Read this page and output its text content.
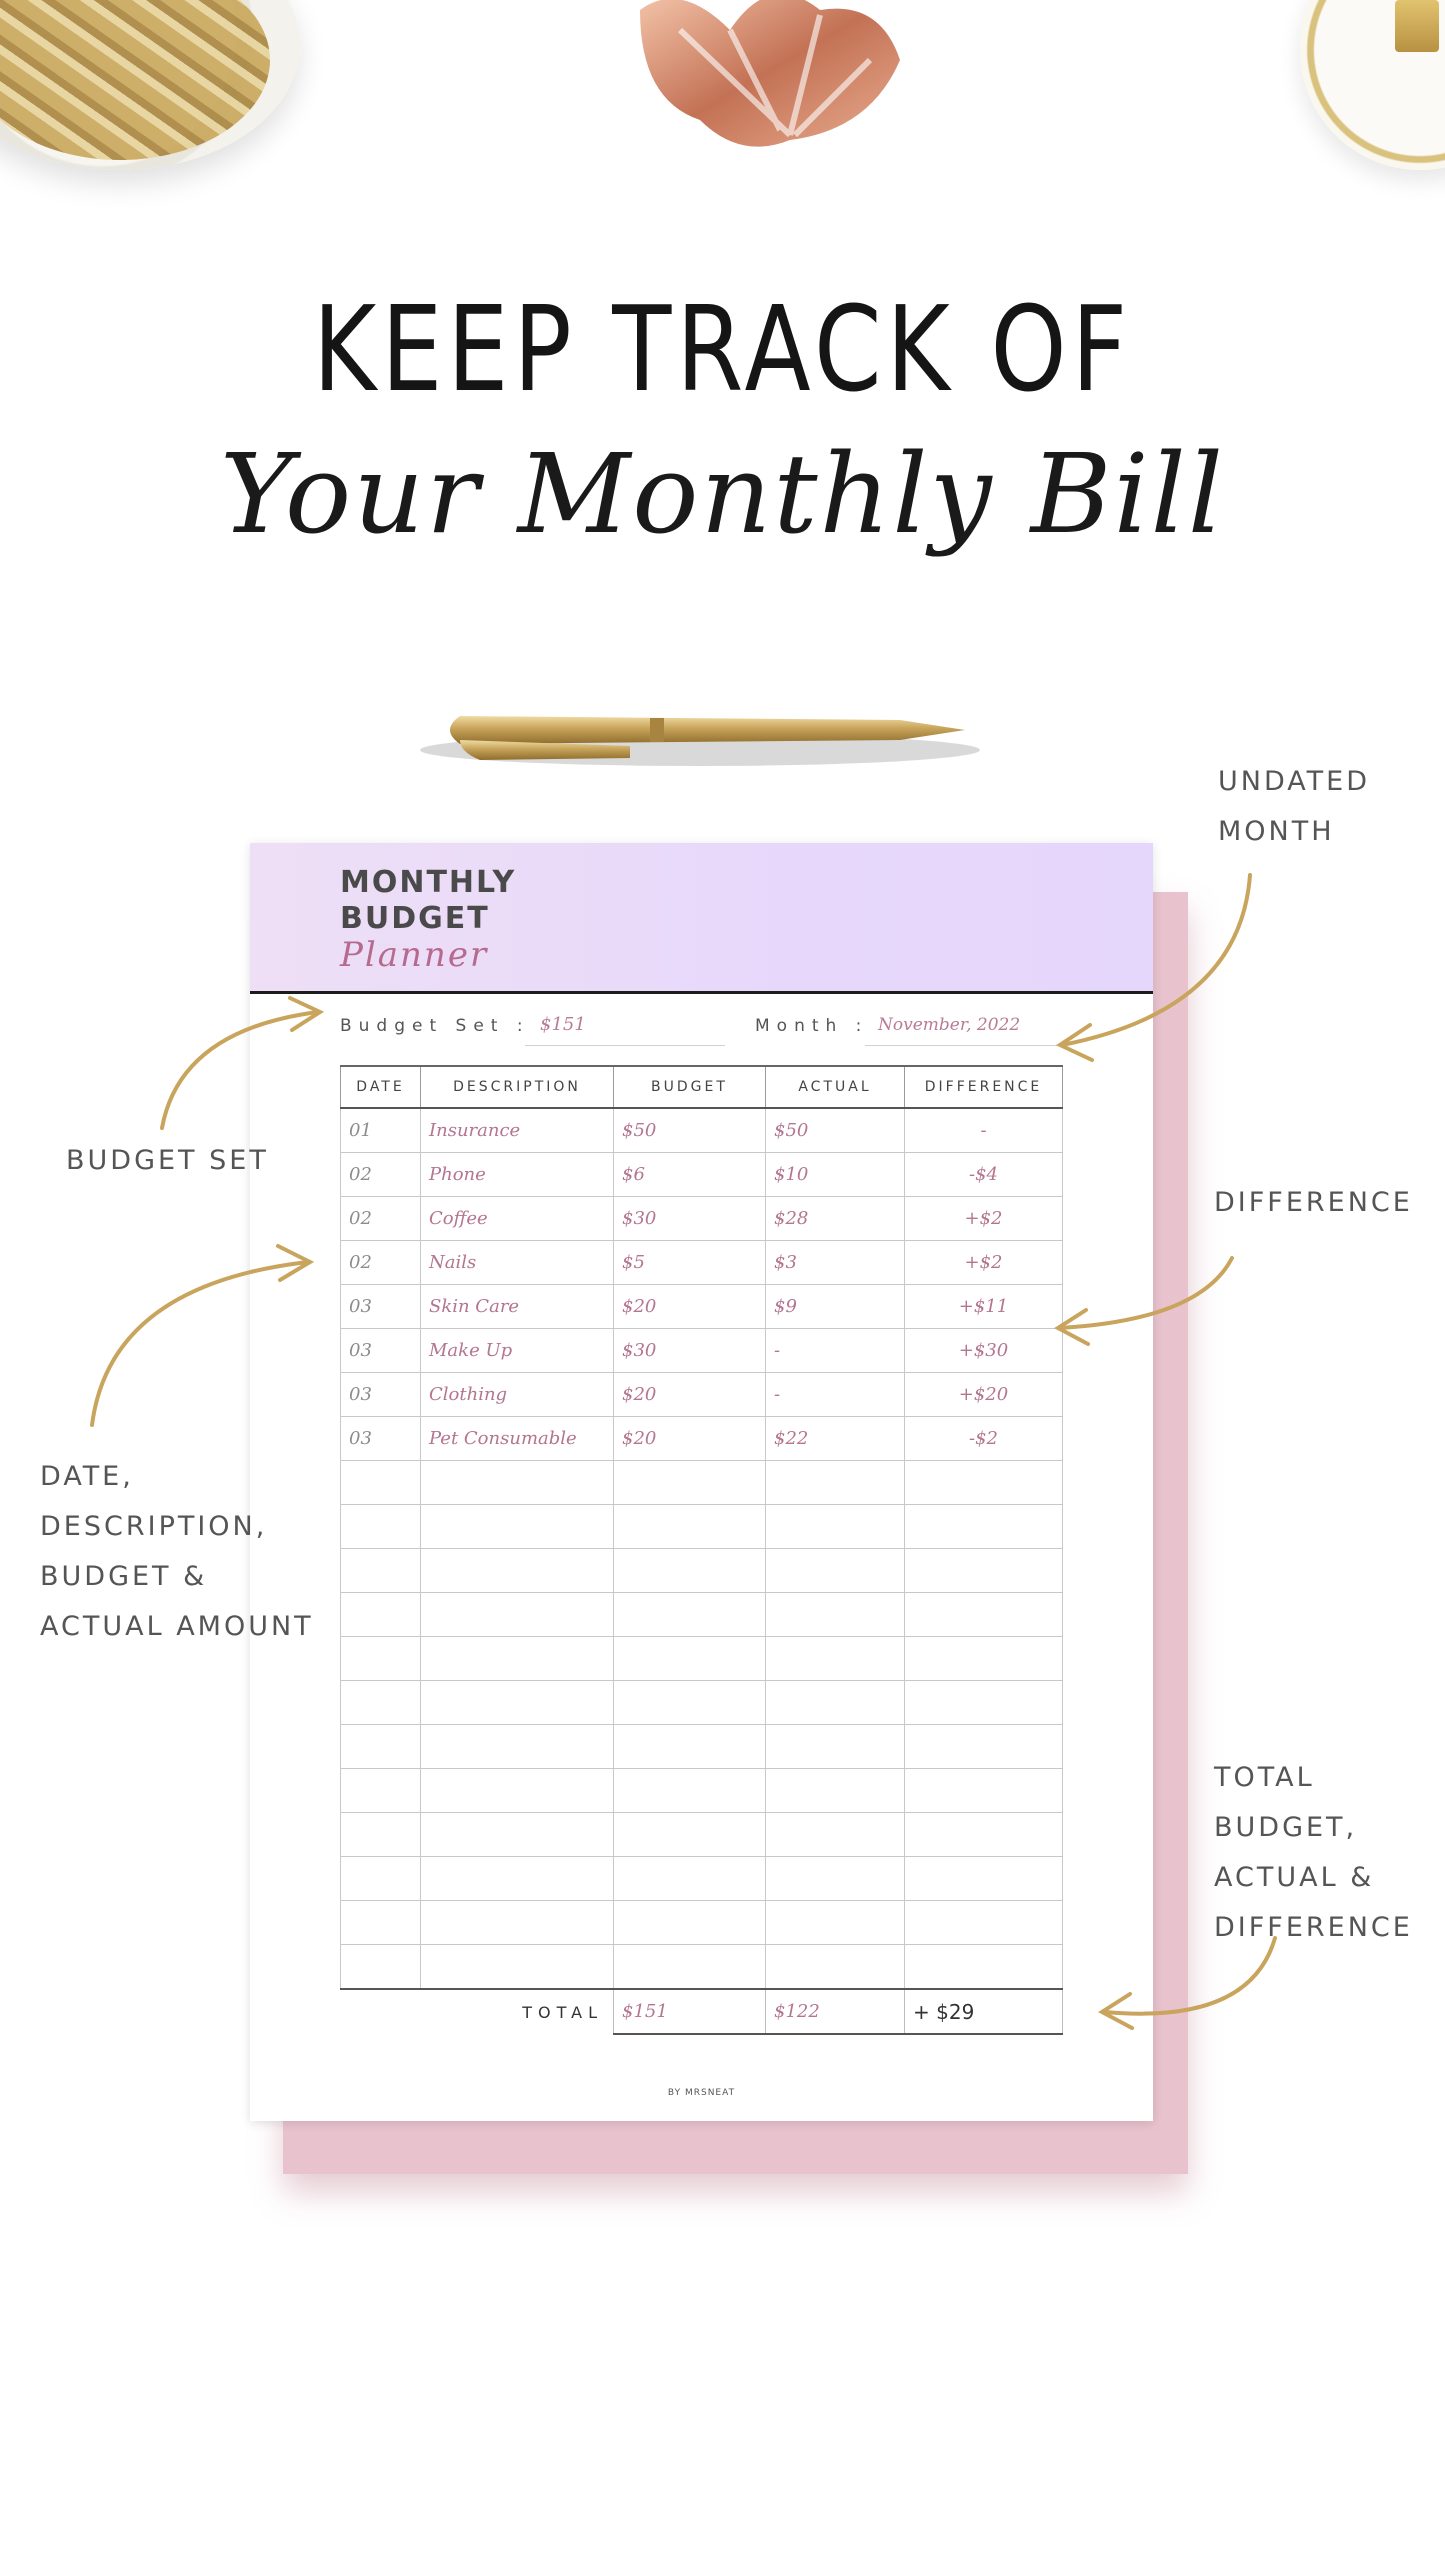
KEEP TRACK OF
Your Monthly Bill
MONTHLY
BUDGET
Planner
Budget Set : $151	Month : November, 2022
DATE	DESCRIPTION	BUDGET	ACTUAL	DIFFERENCE
01	Insurance	$50	$50	-
02	Phone	$6	$10	-$4
02	Coffee	$30	$28	+$2
02	Nails	$5	$3	+$2
03	Skin Care	$20	$9	+$11
03	Make Up	$30	-	+$30
03	Clothing	$20	-	+$20
03	Pet Consumable	$20	$22	-$2

TOTAL		$151	$122	+ $29
BY MRSNEAT
UNDATED
MONTH
BUDGET SET
DIFFERENCE
DATE,
DESCRIPTION,
BUDGET &
ACTUAL AMOUNT
TOTAL BUDGET,
ACTUAL &
DIFFERENCE
